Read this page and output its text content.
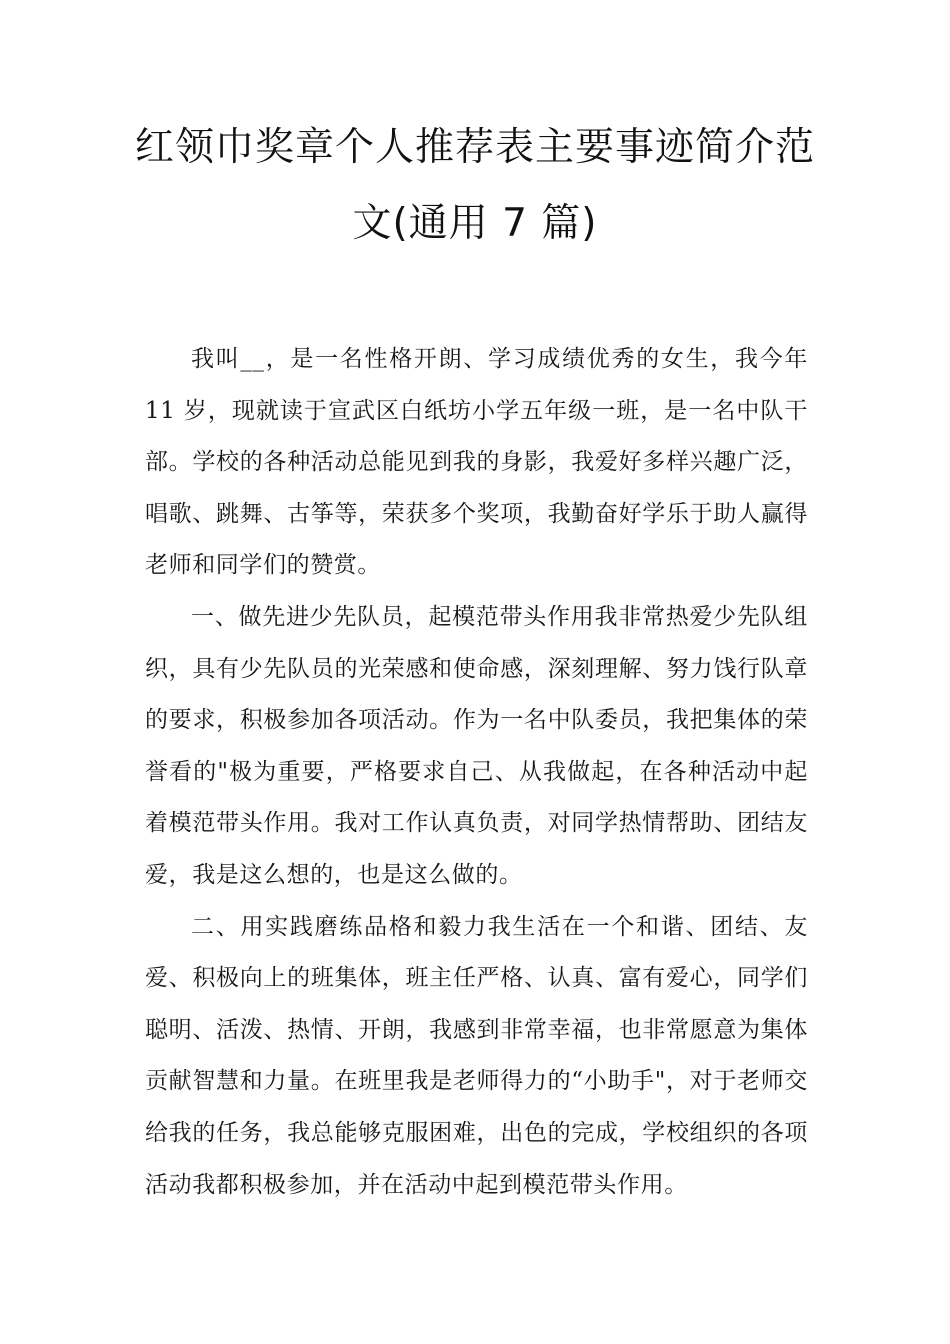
红领巾奖章个人推荐表主要事迹简介范
文(通用 7 篇)

我叫__，是一名性格开朗、学习成绩优秀的女生，我今年 11 岁，现就读于宣武区白纸坊小学五年级一班，是一名中队干部。学校的各种活动总能见到我的身影，我爱好多样兴趣广泛，唱歌、跳舞、古筝等，荣获多个奖项，我勤奋好学乐于助人赢得老师和同学们的赞赏。

一、做先进少先队员，起模范带头作用我非常热爱少先队组织，具有少先队员的光荣感和使命感，深刻理解、努力饯行队章的要求，积极参加各项活动。作为一名中队委员，我把集体的荣誉看的"极为重要，严格要求自己、从我做起，在各种活动中起着模范带头作用。我对工作认真负责，对同学热情帮助、团结友爱，我是这么想的，也是这么做的。

二、用实践磨练品格和毅力我生活在一个和谐、团结、友爱、积极向上的班集体，班主任严格、认真、富有爱心，同学们聪明、活泼、热情、开朗，我感到非常幸福，也非常愿意为集体贡献智慧和力量。在班里我是老师得力的“小助手"，对于老师交给我的任务，我总能够克服困难，出色的完成，学校组织的各项活动我都积极参加，并在活动中起到模范带头作用。
